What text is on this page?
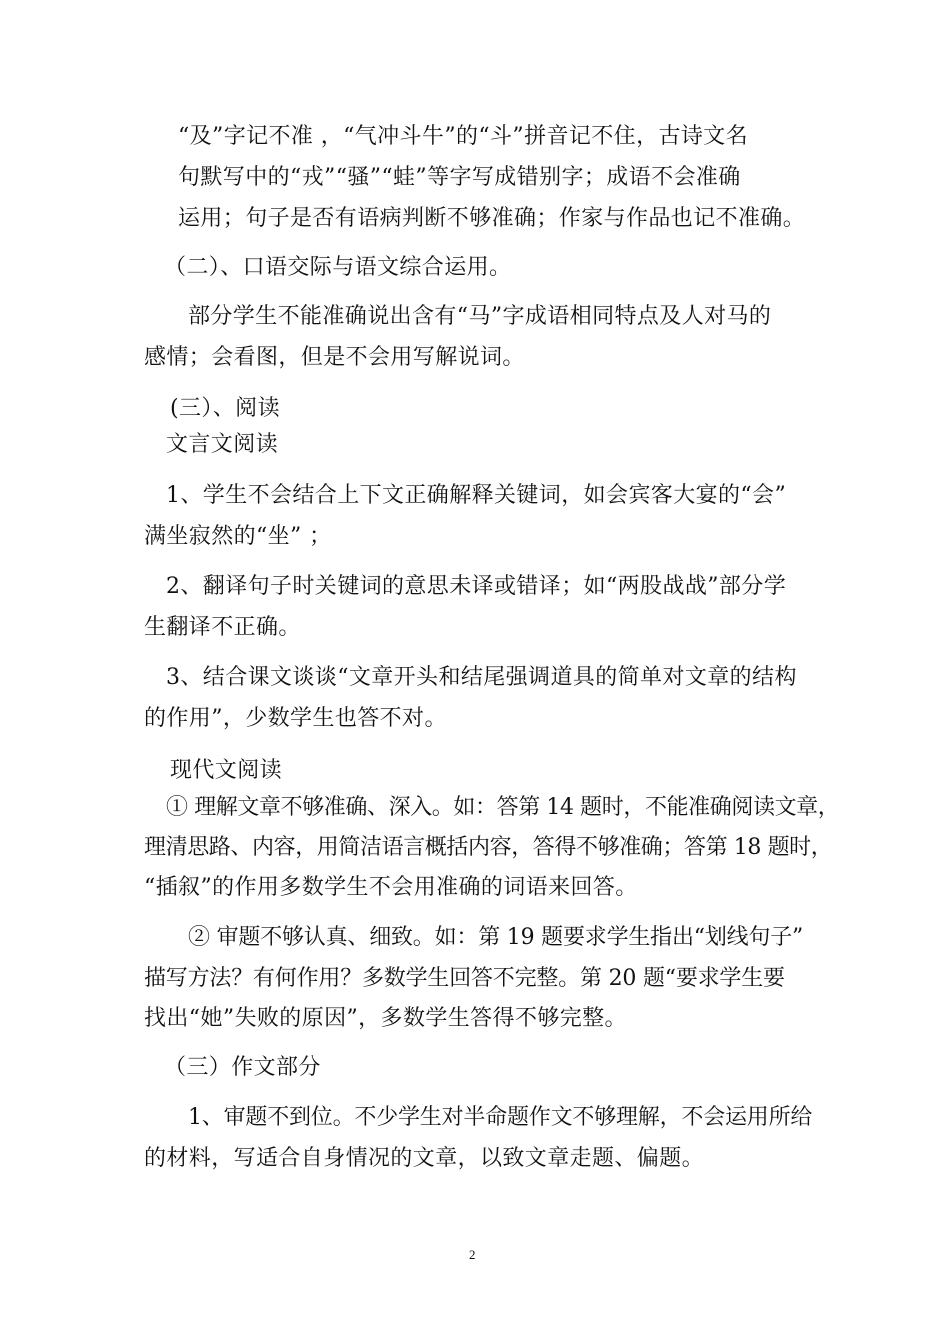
“及”字记不准 ，“气冲斗牛”的“斗”拼音记不住，古诗文名
句默写中的“戎”“骚”“蛙”等字写成错别字；成语不会准确
运用；句子是否有语病判断不够准确；作家与作品也记不准确。
（二）、口语交际与语文综合运用。
部分学生不能准确说出含有“马”字成语相同特点及人对马的
感情；会看图，但是不会用写解说词。
(三）、阅读
文言文阅读
1、学生不会结合上下文正确解释关键词，如会宾客大宴的“会”
满坐寂然的“坐” ；
2、翻译句子时关键词的意思未译或错译；如“两股战战”部分学
生翻译不正确。
3、结合课文谈谈“文章开头和结尾强调道具的简单对文章的结构
的作用”，少数学生也答不对。
现代文阅读
① 理解文章不够准确、深入。如：答第 14 题时，不能准确阅读文章，
理清思路、内容，用简洁语言概括内容，答得不够准确；答第 18 题时，
“插叙”的作用多数学生不会用准确的词语来回答。
② 审题不够认真、细致。如：第 19 题要求学生指出“划线句子”
描写方法？有何作用？多数学生回答不完整。第 20 题“要求学生要
找出“她”失败的原因”，多数学生答得不够完整。
（三）作文部分
1、审题不到位。不少学生对半命题作文不够理解，不会运用所给
的材料，写适合自身情况的文章，以致文章走题、偏题。
2
